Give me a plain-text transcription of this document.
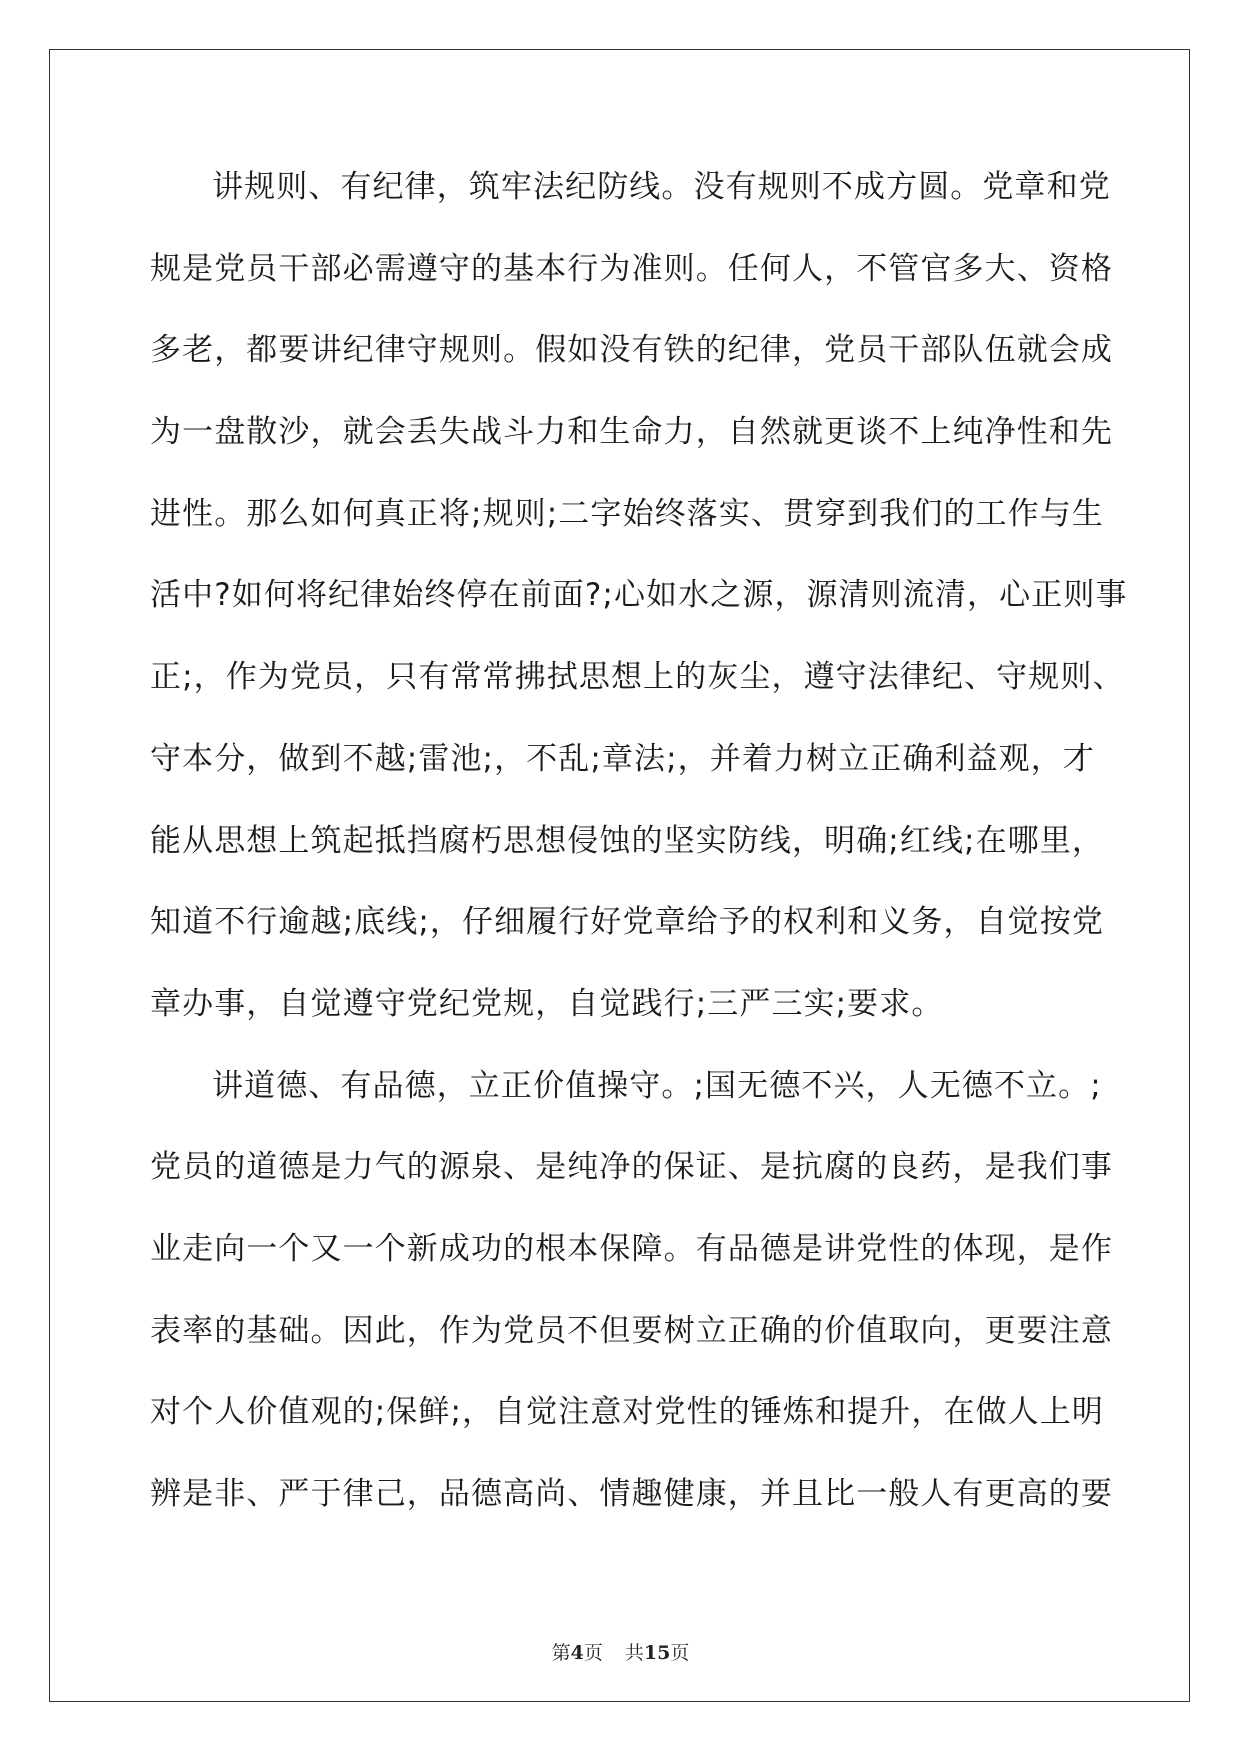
讲规则、有纪律，筑牢法纪防线。没有规则不成方圆。党章和党
规是党员干部必需遵守的基本行为准则。任何人，不管官多大、资格
多老，都要讲纪律守规则。假如没有铁的纪律，党员干部队伍就会成
为一盘散沙，就会丢失战斗力和生命力，自然就更谈不上纯净性和先
进性。那么如何真正将;规则;二字始终落实、贯穿到我们的工作与生
活中?如何将纪律始终停在前面?;心如水之源，源清则流清，心正则事
正;，作为党员，只有常常拂拭思想上的灰尘，遵守法律纪、守规则、
守本分，做到不越;雷池;，不乱;章法;，并着力树立正确利益观，才
能从思想上筑起抵挡腐朽思想侵蚀的坚实防线，明确;红线;在哪里，
知道不行逾越;底线;，仔细履行好党章给予的权利和义务，自觉按党
章办事，自觉遵守党纪党规，自觉践行;三严三实;要求。
讲道德、有品德，立正价值操守。;国无德不兴，人无德不立。;
党员的道德是力气的源泉、是纯净的保证、是抗腐的良药，是我们事
业走向一个又一个新成功的根本保障。有品德是讲党性的体现，是作
表率的基础。因此，作为党员不但要树立正确的价值取向，更要注意
对个人价值观的;保鲜;，自觉注意对党性的锤炼和提升，在做人上明
辨是非、严于律己，品德高尚、情趣健康，并且比一般人有更高的要
第4页 共15页
